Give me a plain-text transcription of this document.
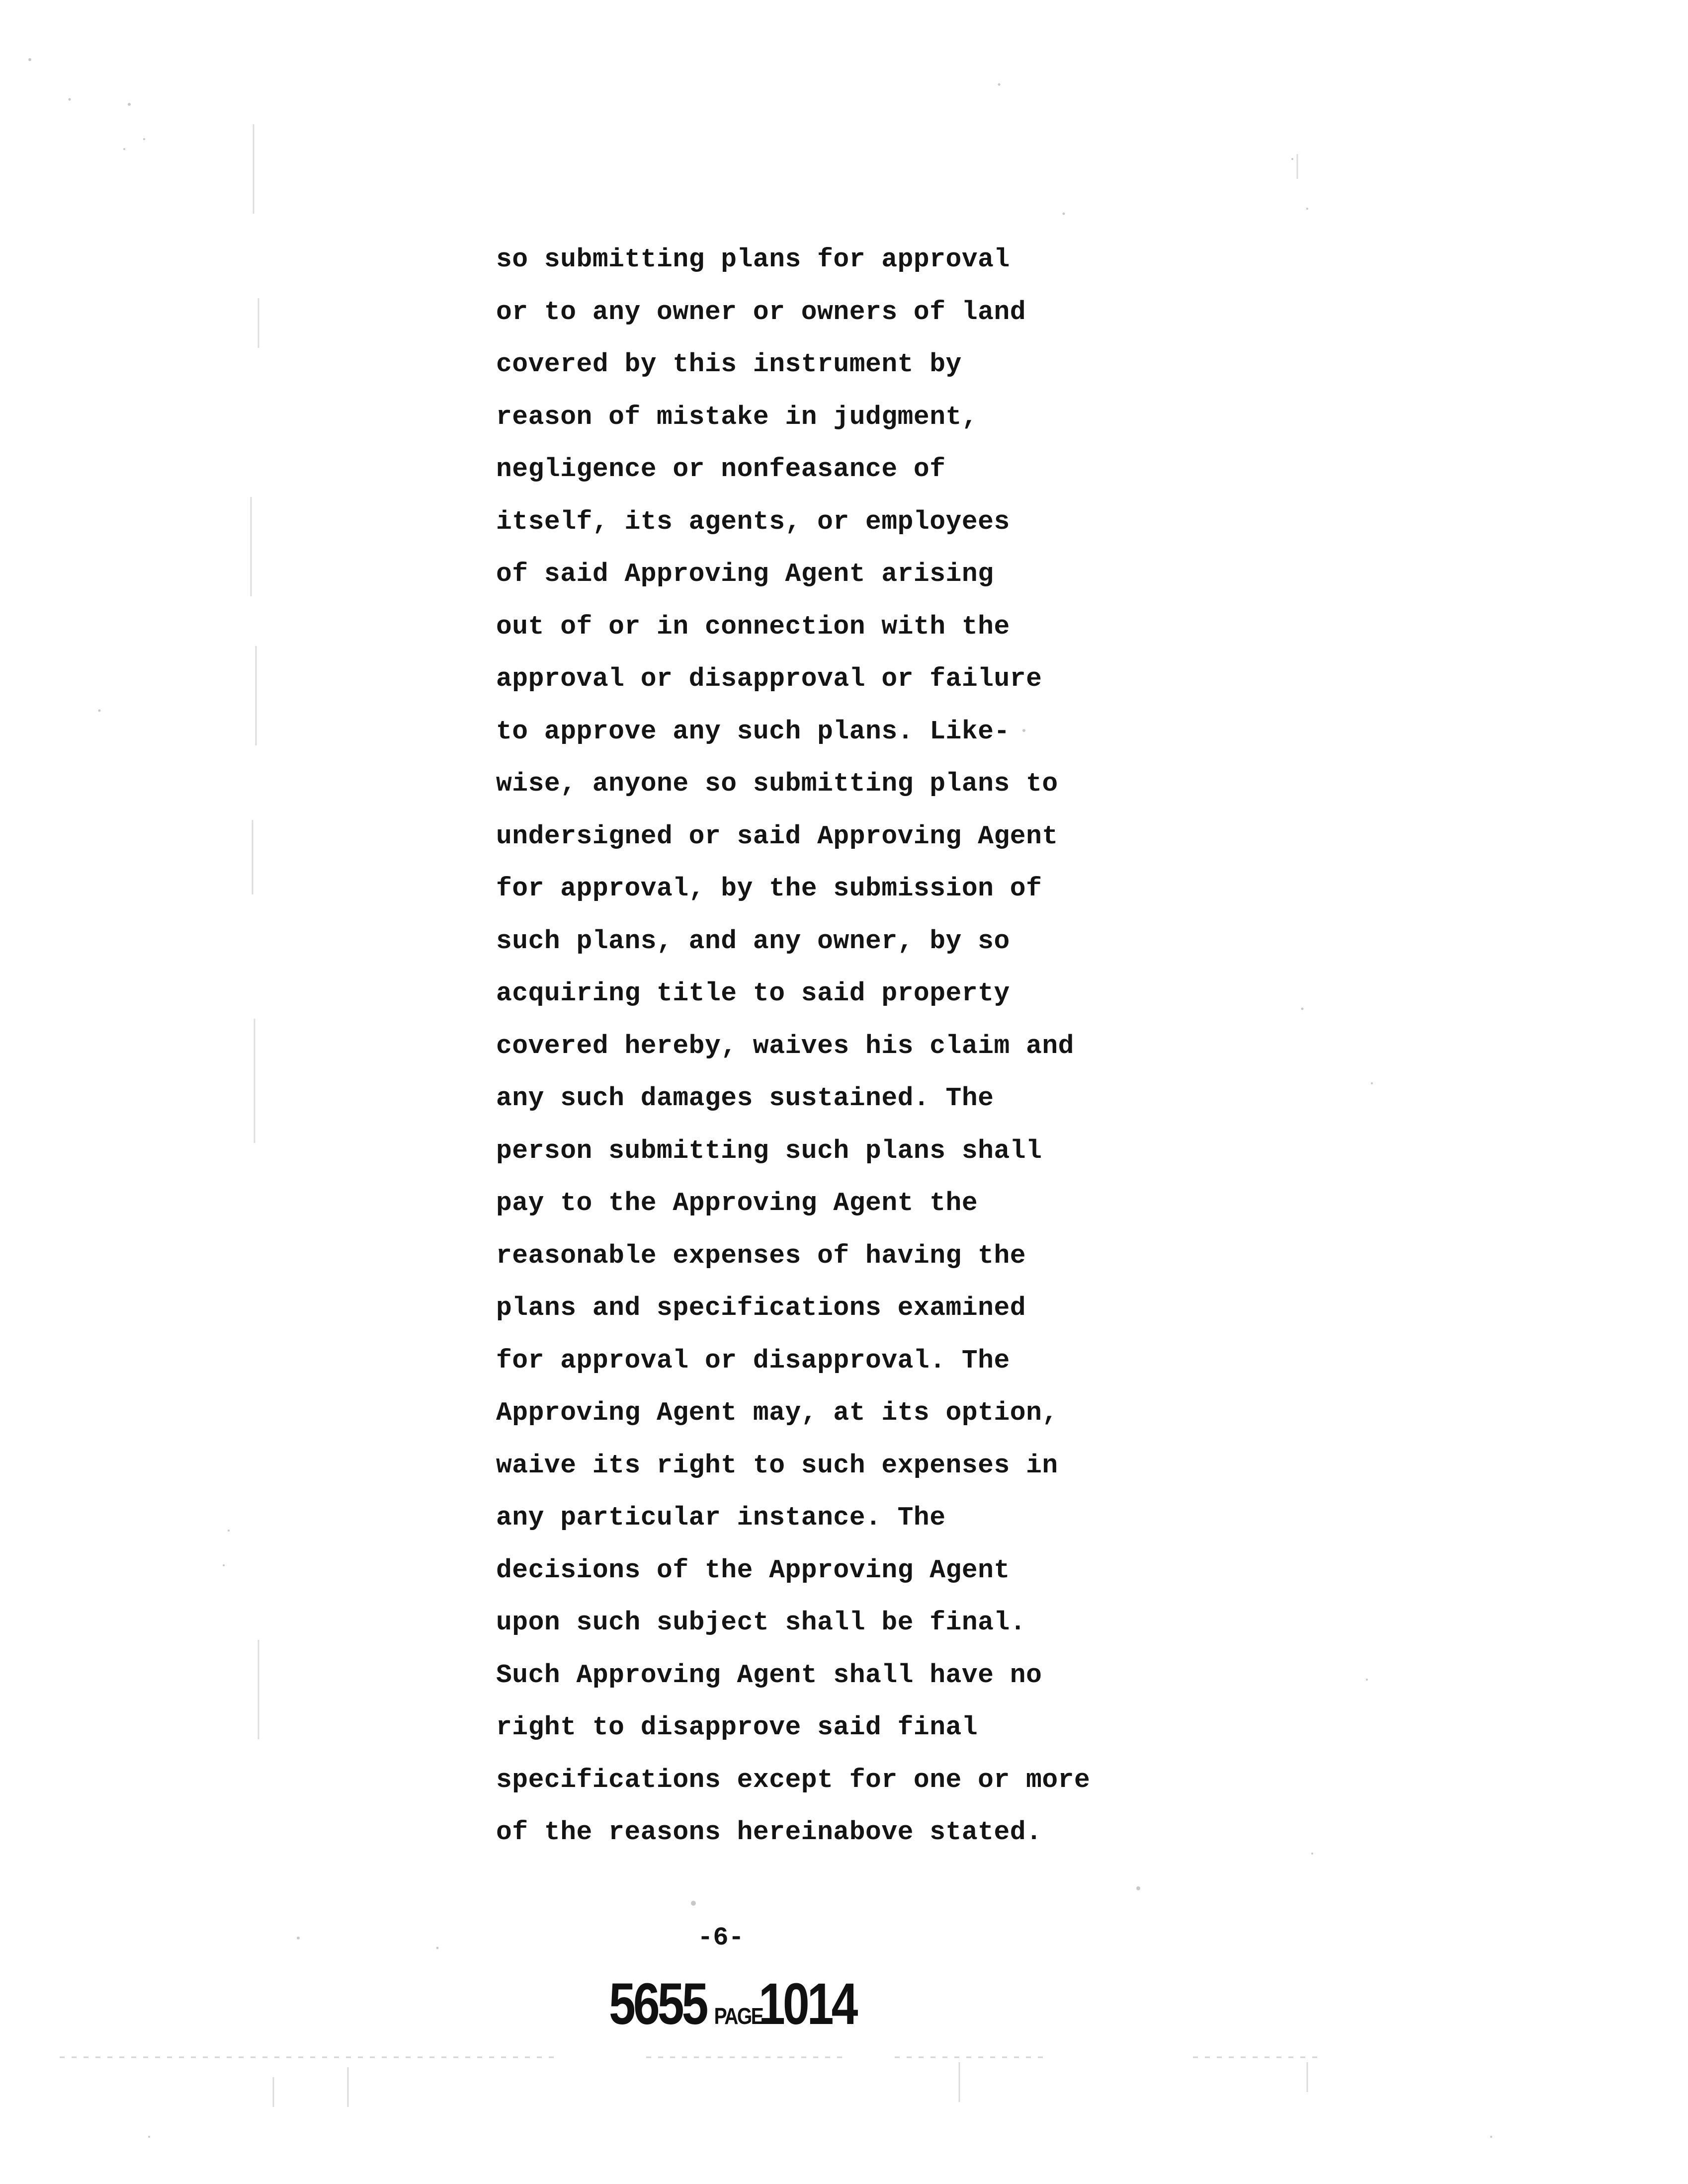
so submitting plans for approval
or to any owner or owners of land
covered by this instrument by
reason of mistake in judgment,
negligence or nonfeasance of
itself, its agents, or employees
of said Approving Agent arising
out of or in connection with the
approval or disapproval or failure
to approve any such plans. Like-
wise, anyone so submitting plans to
undersigned or said Approving Agent
for approval, by the submission of
such plans, and any owner, by so
acquiring title to said property
covered hereby, waives his claim and
any such damages sustained. The
person submitting such plans shall
pay to the Approving Agent the
reasonable expenses of having the
plans and specifications examined
for approval or disapproval. The
Approving Agent may, at its option,
waive its right to such expenses in
any particular instance. The
decisions of the Approving Agent
upon such subject shall be final.
Such Approving Agent shall have no
right to disapprove said final
specifications except for one or more
of the reasons hereinabove stated.
-6-
5655 PAGE
1014
